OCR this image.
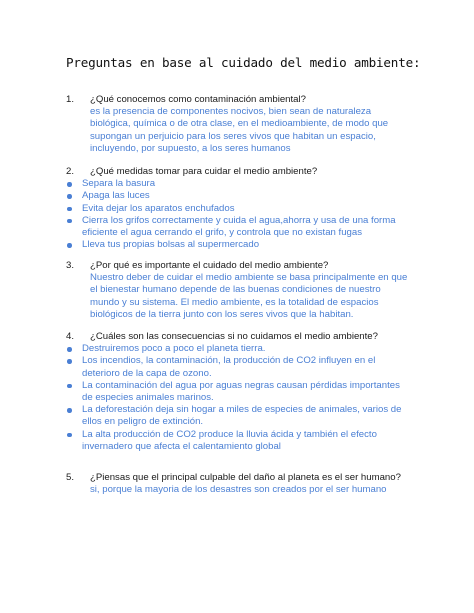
Preguntas en base al cuidado del medio ambiente:
1.	¿Qué conocemos como contaminación ambiental?
es la presencia de componentes nocivos, bien sean de naturaleza
biológica, química o de otra clase, en el medioambiente, de modo que
supongan un perjuicio para los seres vivos que habitan un espacio,
incluyendo, por supuesto, a los seres humanos
2.	¿Qué medidas tomar para cuidar el medio ambiente?
Separa la basura
Apaga las luces
Evita dejar los aparatos enchufados
Cierra los grifos correctamente y cuida el agua,ahorra y usa de una forma
eficiente el agua cerrando el grifo, y controla que no existan fugas
Lleva tus propias bolsas al supermercado
3.	¿Por qué es importante el cuidado del medio ambiente?
Nuestro deber de cuidar el medio ambiente se basa principalmente en que
el bienestar humano depende de las buenas condiciones de nuestro
mundo y su sistema. El medio ambiente, es la totalidad de espacios
biológicos de la tierra junto con los seres vivos que la habitan.
4.	¿Cuáles son las consecuencias si no cuidamos el medio ambiente?
Destruiremos poco a poco el planeta tierra.
Los incendios, la contaminación, la producción de CO2 influyen en el
deterioro de la capa de ozono.
La contaminación del agua por aguas negras causan pérdidas importantes
de especies animales marinos.
La deforestación deja sin hogar a miles de especies de animales, varios de
ellos en peligro de extinción.
La alta producción de CO2 produce la lluvia ácida y también el efecto
invernadero que afecta el calentamiento global
5.	¿Piensas que el principal culpable del daño al planeta es el ser humano?
si, porque la mayoria de los desastres son creados por el ser humano
